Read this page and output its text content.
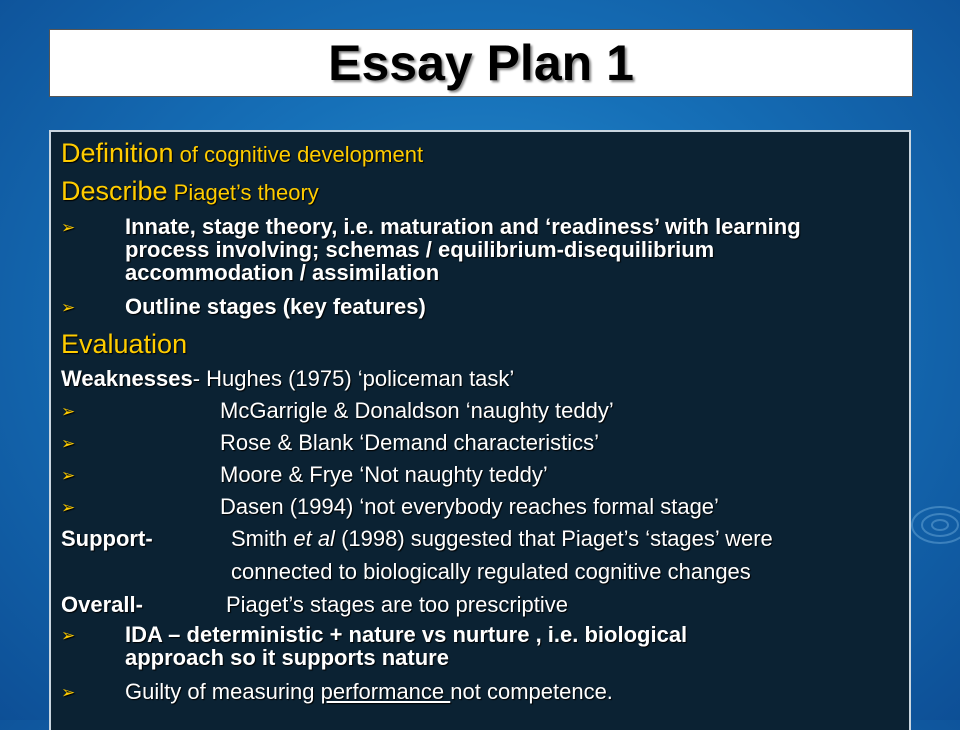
Essay Plan 1
Definition of cognitive development
Describe Piaget’s theory
➢ Innate, stage theory, i.e. maturation and ‘readiness’ with learning
process involving; schemas / equilibrium-disequilibrium
accommodation / assimilation
➢ Outline stages (key features)
Evaluation
Weaknesses- Hughes (1975) ‘policeman task’
➢	McGarrigle & Donaldson ‘naughty teddy’
➢	Rose & Blank ‘Demand characteristics’
➢	Moore & Frye ‘Not naughty teddy’
➢	Dasen (1994) ‘not everybody reaches formal stage’
Support-	Smith et al (1998) suggested that Piaget’s ‘stages’ were
connected to biologically regulated cognitive changes
Overall-	Piaget’s stages are too prescriptive
➢ IDA – deterministic + nature vs nurture , i.e. biological
approach so it supports nature
➢ Guilty of measuring performance not competence.
